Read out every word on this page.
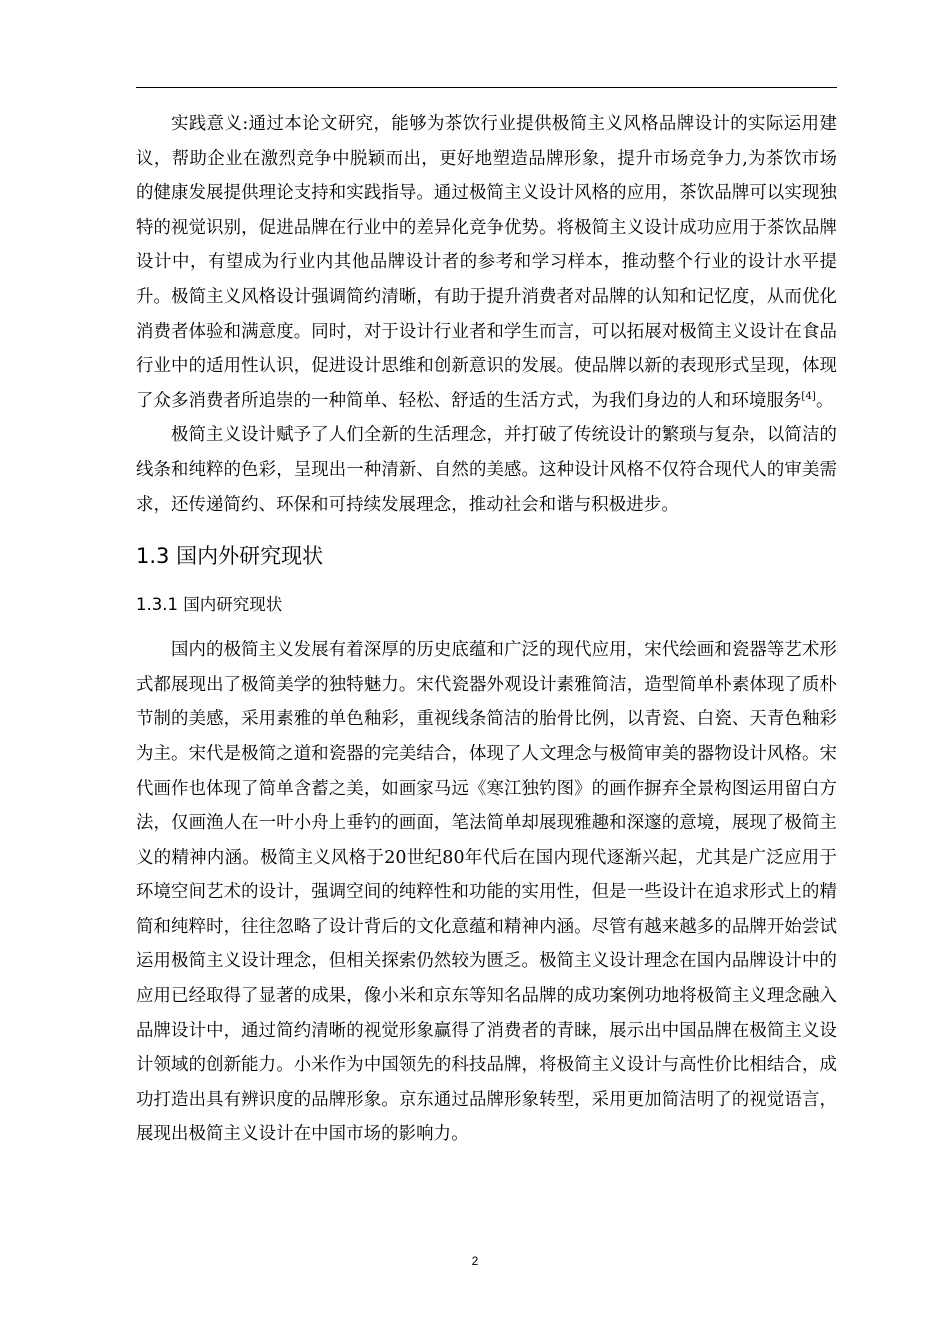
实践意义:通过本论文研究，能够为茶饮行业提供极简主义风格品牌设计的实际运用建议，帮助企业在激烈竞争中脱颖而出，更好地塑造品牌形象，提升市场竞争力,为茶饮市场的健康发展提供理论支持和实践指导。通过极简主义设计风格的应用，茶饮品牌可以实现独特的视觉识别，促进品牌在行业中的差异化竞争优势。将极简主义设计成功应用于茶饮品牌设计中，有望成为行业内其他品牌设计者的参考和学习样本，推动整个行业的设计水平提升。极简主义风格设计强调简约清晰，有助于提升消费者对品牌的认知和记忆度，从而优化消费者体验和满意度。同时，对于设计行业者和学生而言，可以拓展对极简主义设计在食品行业中的适用性认识，促进设计思维和创新意识的发展。使品牌以新的表现形式呈现，体现了众多消费者所追崇的一种简单、轻松、舒适的生活方式，为我们身边的人和环境服务[4]。

极简主义设计赋予了人们全新的生活理念，并打破了传统设计的繁琐与复杂，以简洁的线条和纯粹的色彩，呈现出一种清新、自然的美感。这种设计风格不仅符合现代人的审美需求，还传递简约、环保和可持续发展理念，推动社会和谐与积极进步。

1.3 国内外研究现状
1.3.1 国内研究现状

国内的极简主义发展有着深厚的历史底蕴和广泛的现代应用，宋代绘画和瓷器等艺术形式都展现出了极简美学的独特魅力。宋代瓷器外观设计素雅简洁，造型简单朴素体现了质朴节制的美感，采用素雅的单色釉彩，重视线条简洁的胎骨比例，以青瓷、白瓷、天青色釉彩为主。宋代是极简之道和瓷器的完美结合，体现了人文理念与极简审美的器物设计风格。宋代画作也体现了简单含蓄之美，如画家马远《寒江独钓图》的画作摒弃全景构图运用留白方法，仅画渔人在一叶小舟上垂钓的画面，笔法简单却展现雅趣和深邃的意境，展现了极简主义的精神内涵。极简主义风格于20世纪80年代后在国内现代逐渐兴起，尤其是广泛应用于环境空间艺术的设计，强调空间的纯粹性和功能的实用性，但是一些设计在追求形式上的精简和纯粹时，往往忽略了设计背后的文化意蕴和精神内涵。尽管有越来越多的品牌开始尝试运用极简主义设计理念，但相关探索仍然较为匮乏。极简主义设计理念在国内品牌设计中的应用已经取得了显著的成果，像小米和京东等知名品牌的成功案例功地将极简主义理念融入品牌设计中，通过简约清晰的视觉形象赢得了消费者的青睐，展示出中国品牌在极简主义设计领域的创新能力。小米作为中国领先的科技品牌，将极简主义设计与高性价比相结合，成功打造出具有辨识度的品牌形象。京东通过品牌形象转型，采用更加简洁明了的视觉语言，展现出极简主义设计在中国市场的影响力。

2
